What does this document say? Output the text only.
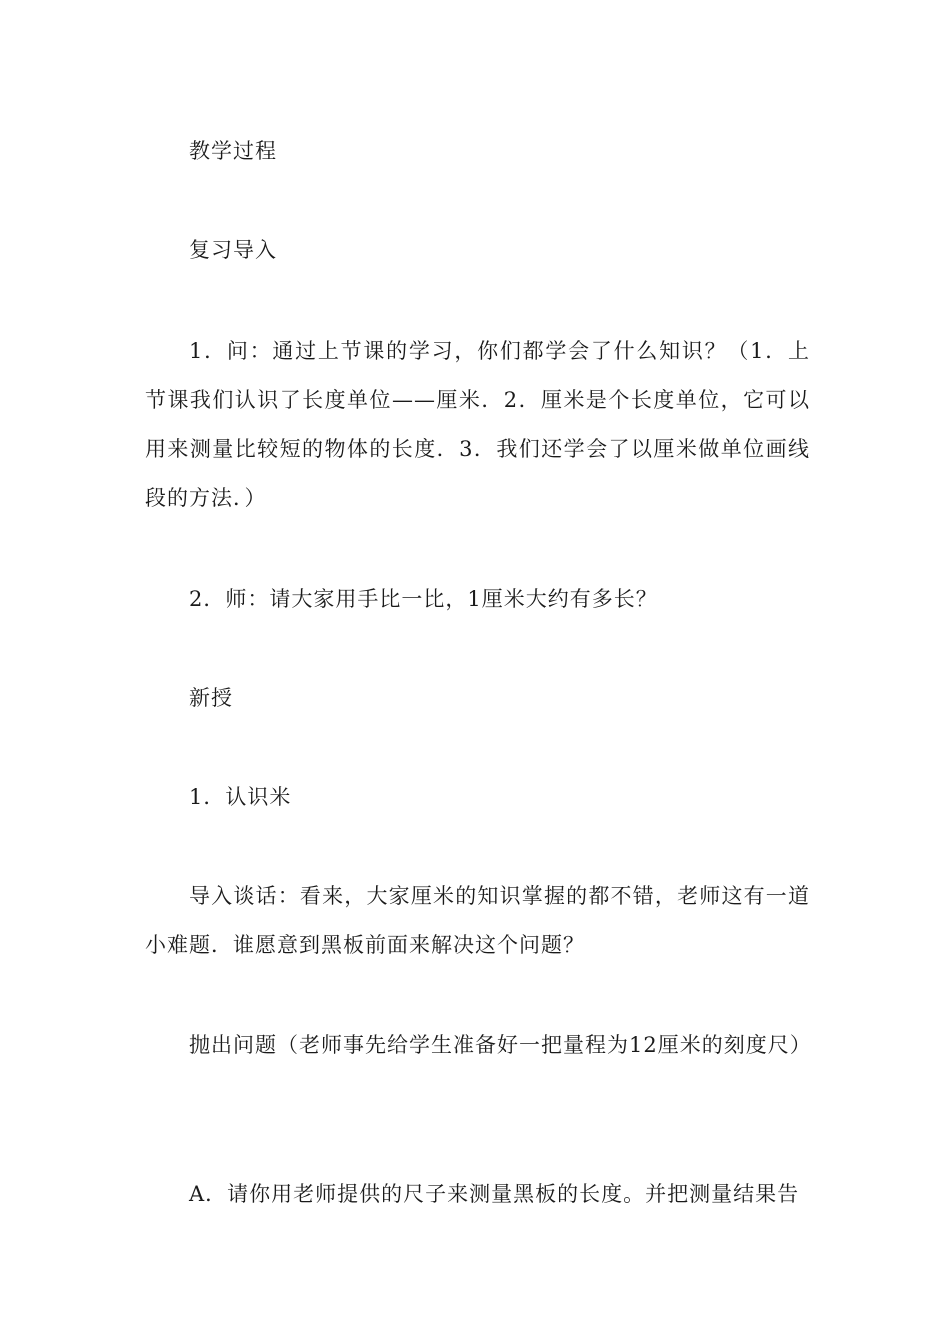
教学过程

复习导入

1．问：通过上节课的学习，你们都学会了什么知识？（1．上节课我们认识了长度单位——厘米．2．厘米是个长度单位，它可以用来测量比较短的物体的长度．3．我们还学会了以厘米做单位画线段的方法．）

2．师：请大家用手比一比，1厘米大约有多长？

新授

1．认识米

导入谈话：看来，大家厘米的知识掌握的都不错，老师这有一道小难题．谁愿意到黑板前面来解决这个问题？

抛出问题（老师事先给学生准备好一把量程为12厘米的刻度尺）

A．请你用老师提供的尺子来测量黑板的长度。并把测量结果告
